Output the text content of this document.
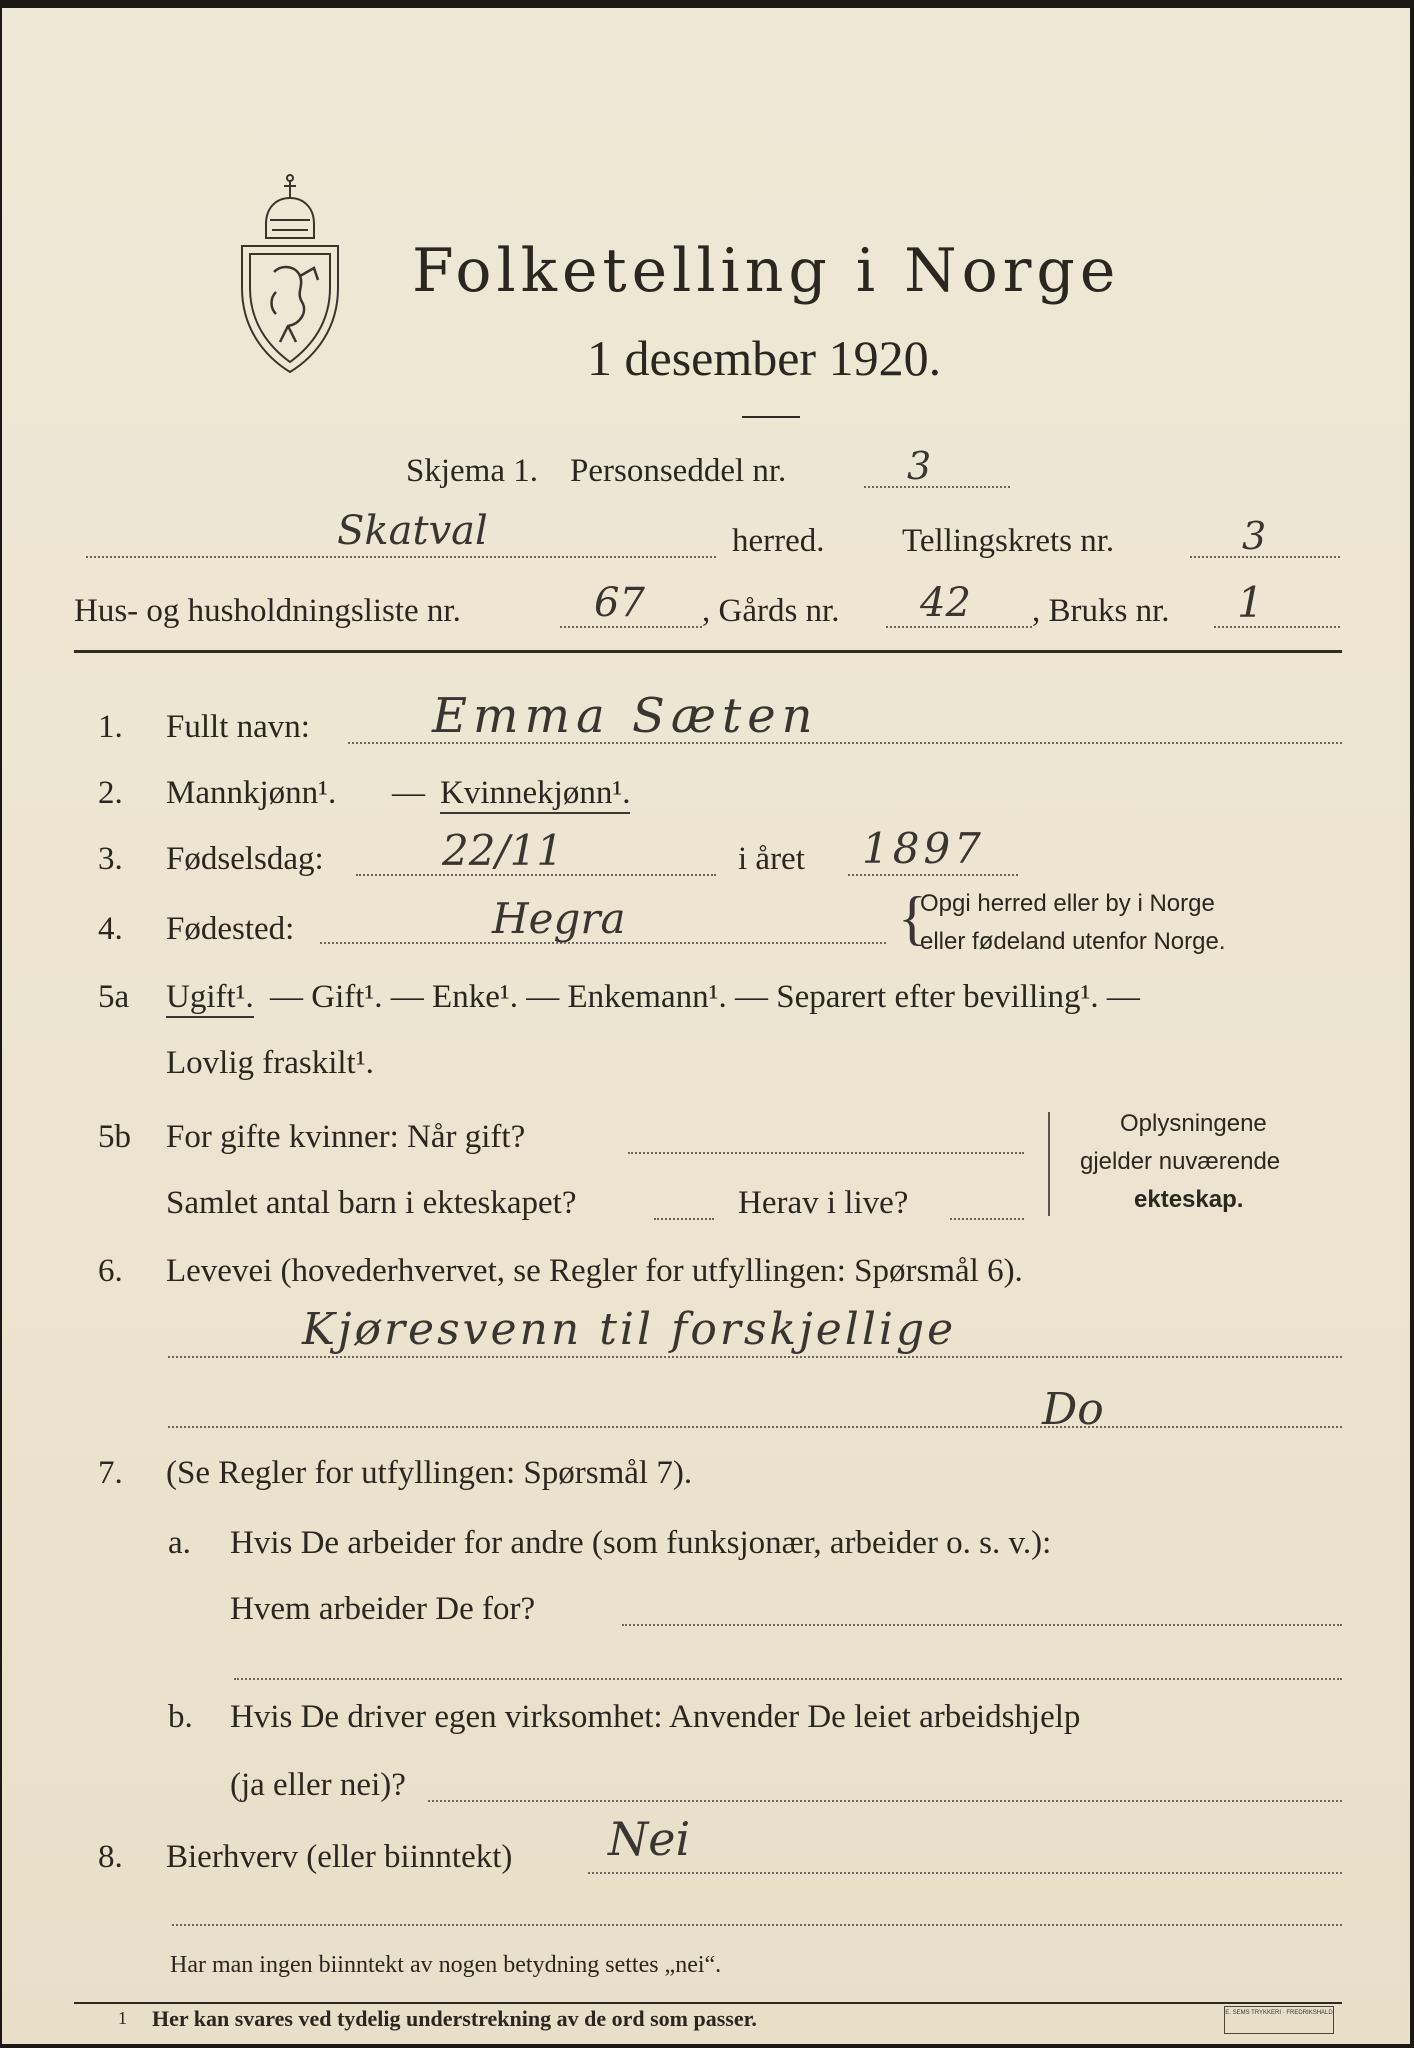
Folketelling i Norge
1 desember 1920.
Skjema 1. Personseddel nr.	3
Skatval	herred. Tellingskrets nr.	3
Hus- og husholdningsliste nr.	67 , Gårds nr. 42 , Bruks nr. 1
1. Fullt navn:	Emma Sæten
2. Mannkjønn¹. — Kvinnekjønn¹.
3. Fødselsdag:	22/11	i året 1897
4. Fødested:	Hegra	{
Opgi herred eller by i Norge
eller fødeland utenfor Norge.
5a Ugift¹. — Gift¹. — Enke¹. — Enkemann¹. — Separert efter bevilling¹. —
Lovlig fraskilt¹.
5b For gifte kvinner: Når gift?
Samlet antal barn i ekteskapet?	Herav i live?
Oplysningene
gjelder nuværende
ekteskap.
6. Levevei (hovederhvervet, se Regler for utfyllingen: Spørsmål 6).
Kjøresvenn til forskjellige
Do
7. (Se Regler for utfyllingen: Spørsmål 7).
a. Hvis De arbeider for andre (som funksjonær, arbeider o. s. v.):
Hvem arbeider De for?
b. Hvis De driver egen virksomhet: Anvender De leiet arbeidshjelp
(ja eller nei)?
8. Bierhverv (eller biinntekt) Nei
Har man ingen biinntekt av nogen betydning settes „nei“.
1 Her kan svares ved tydelig understrekning av de ord som passer.	E. SEMS TRYKKERI · FREDRIKSHALD
